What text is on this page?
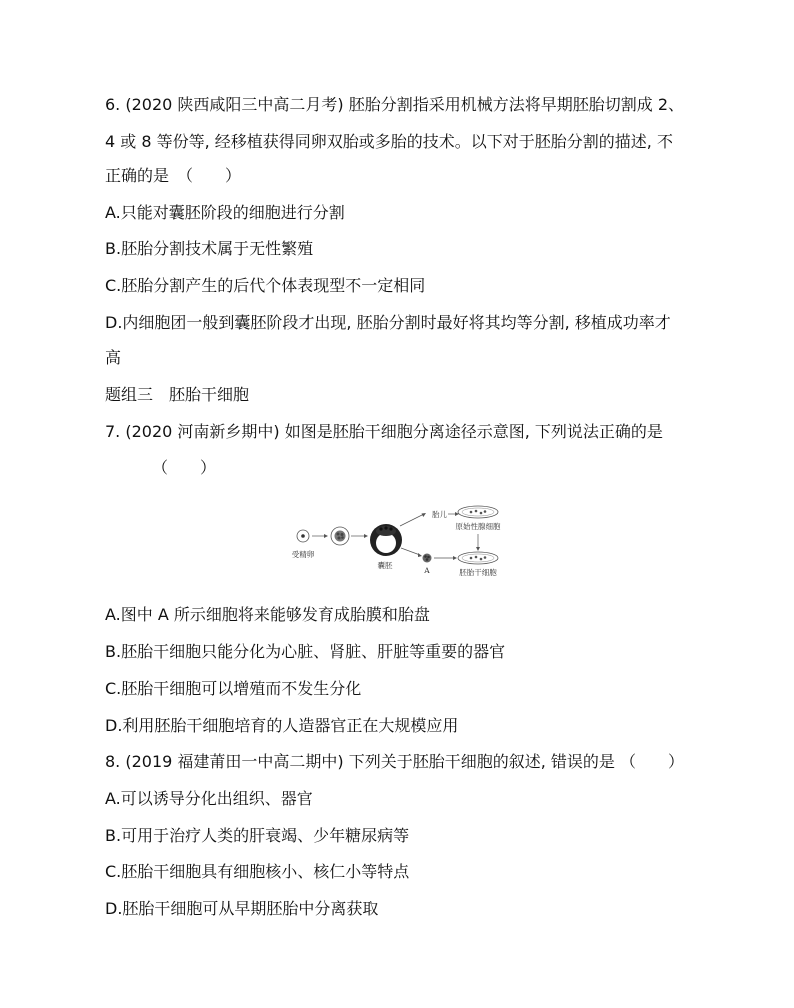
6. (2020 陕西咸阳三中高二月考) 胚胎分割指采用机械方法将早期胚胎切割成 2、
4 或 8 等份等, 经移植获得同卵双胎或多胎的技术。以下对于胚胎分割的描述, 不
正确的是　（　　）
A.只能对囊胚阶段的细胞进行分割
B.胚胎分割技术属于无性繁殖
C.胚胎分割产生的后代个体表现型不一定相同
D.内细胞团一般到囊胚阶段才出现, 胚胎分割时最好将其均等分割, 移植成功率才
高
题组三　胚胎干细胞
7. (2020 河南新乡期中) 如图是胚胎干细胞分离途径示意图, 下列说法正确的是
（　　）
受精卵
囊胚
胎儿
原始性腺细胞
A	胚胎干细胞
A.图中 A 所示细胞将来能够发育成胎膜和胎盘
B.胚胎干细胞只能分化为心脏、肾脏、肝脏等重要的器官
C.胚胎干细胞可以增殖而不发生分化
D.利用胚胎干细胞培育的人造器官正在大规模应用
8. (2019 福建莆田一中高二期中) 下列关于胚胎干细胞的叙述, 错误的是 （　　）
A.可以诱导分化出组织、器官
B.可用于治疗人类的肝衰竭、少年糖尿病等
C.胚胎干细胞具有细胞核小、核仁小等特点
D.胚胎干细胞可从早期胚胎中分离获取
